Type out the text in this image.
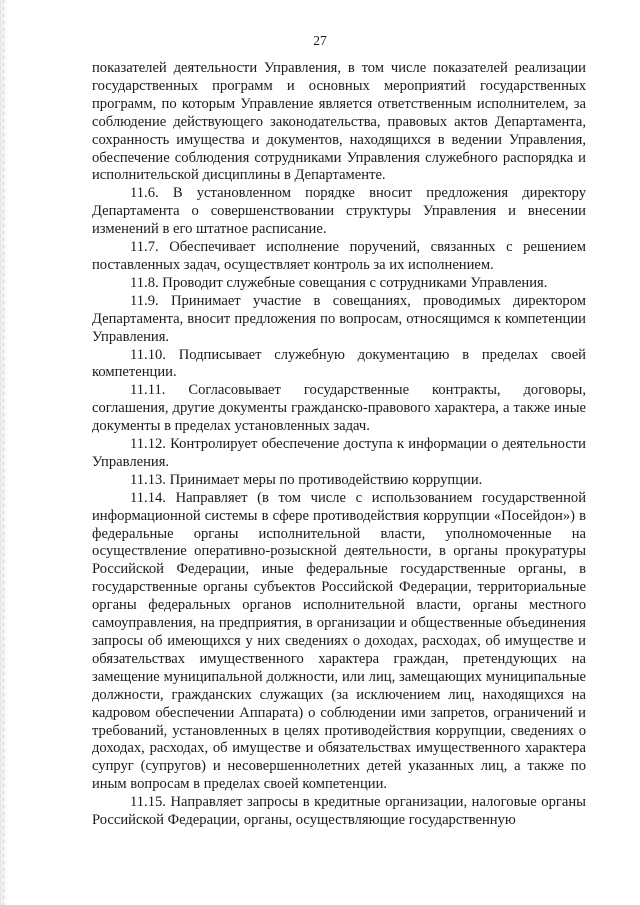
27

показателей деятельности Управления, в том числе показателей реализации государственных программ и основных мероприятий государственных программ, по которым Управление является ответственным исполнителем, за соблюдение действующего законодательства, правовых актов Департамента, сохранность имущества и документов, находящихся в ведении Управления, обеспечение соблюдения сотрудниками Управления служебного распорядка и исполнительской дисциплины в Департаменте.

11.6. В установленном порядке вносит предложения директору Департамента о совершенствовании структуры Управления и внесении изменений в его штатное расписание.

11.7. Обеспечивает исполнение поручений, связанных с решением поставленных задач, осуществляет контроль за их исполнением.

11.8. Проводит служебные совещания с сотрудниками Управления.

11.9. Принимает участие в совещаниях, проводимых директором Департамента, вносит предложения по вопросам, относящимся к компетенции Управления.

11.10. Подписывает служебную документацию в пределах своей компетенции.

11.11. Согласовывает государственные контракты, договоры, соглашения, другие документы гражданско-правового характера, а также иные документы в пределах установленных задач.

11.12. Контролирует обеспечение доступа к информации о деятельности Управления.

11.13. Принимает меры по противодействию коррупции.

11.14. Направляет (в том числе с использованием государственной информационной системы в сфере противодействия коррупции «Посейдон») в федеральные органы исполнительной власти, уполномоченные на осуществление оперативно-розыскной деятельности, в органы прокуратуры Российской Федерации, иные федеральные государственные органы, в государственные органы субъектов Российской Федерации, территориальные органы федеральных органов исполнительной власти, органы местного самоуправления, на предприятия, в организации и общественные объединения запросы об имеющихся у них сведениях о доходах, расходах, об имуществе и обязательствах имущественного характера граждан, претендующих на замещение муниципальной должности, или лиц, замещающих муниципальные должности, гражданских служащих (за исключением лиц, находящихся на кадровом обеспечении Аппарата) о соблюдении ими запретов, ограничений и требований, установленных в целях противодействия коррупции, сведениях о доходах, расходах, об имуществе и обязательствах имущественного характера супруг (супругов) и несовершеннолетних детей указанных лиц, а также по иным вопросам в пределах своей компетенции.

11.15. Направляет запросы в кредитные организации, налоговые органы Российской Федерации, органы, осуществляющие государственную
